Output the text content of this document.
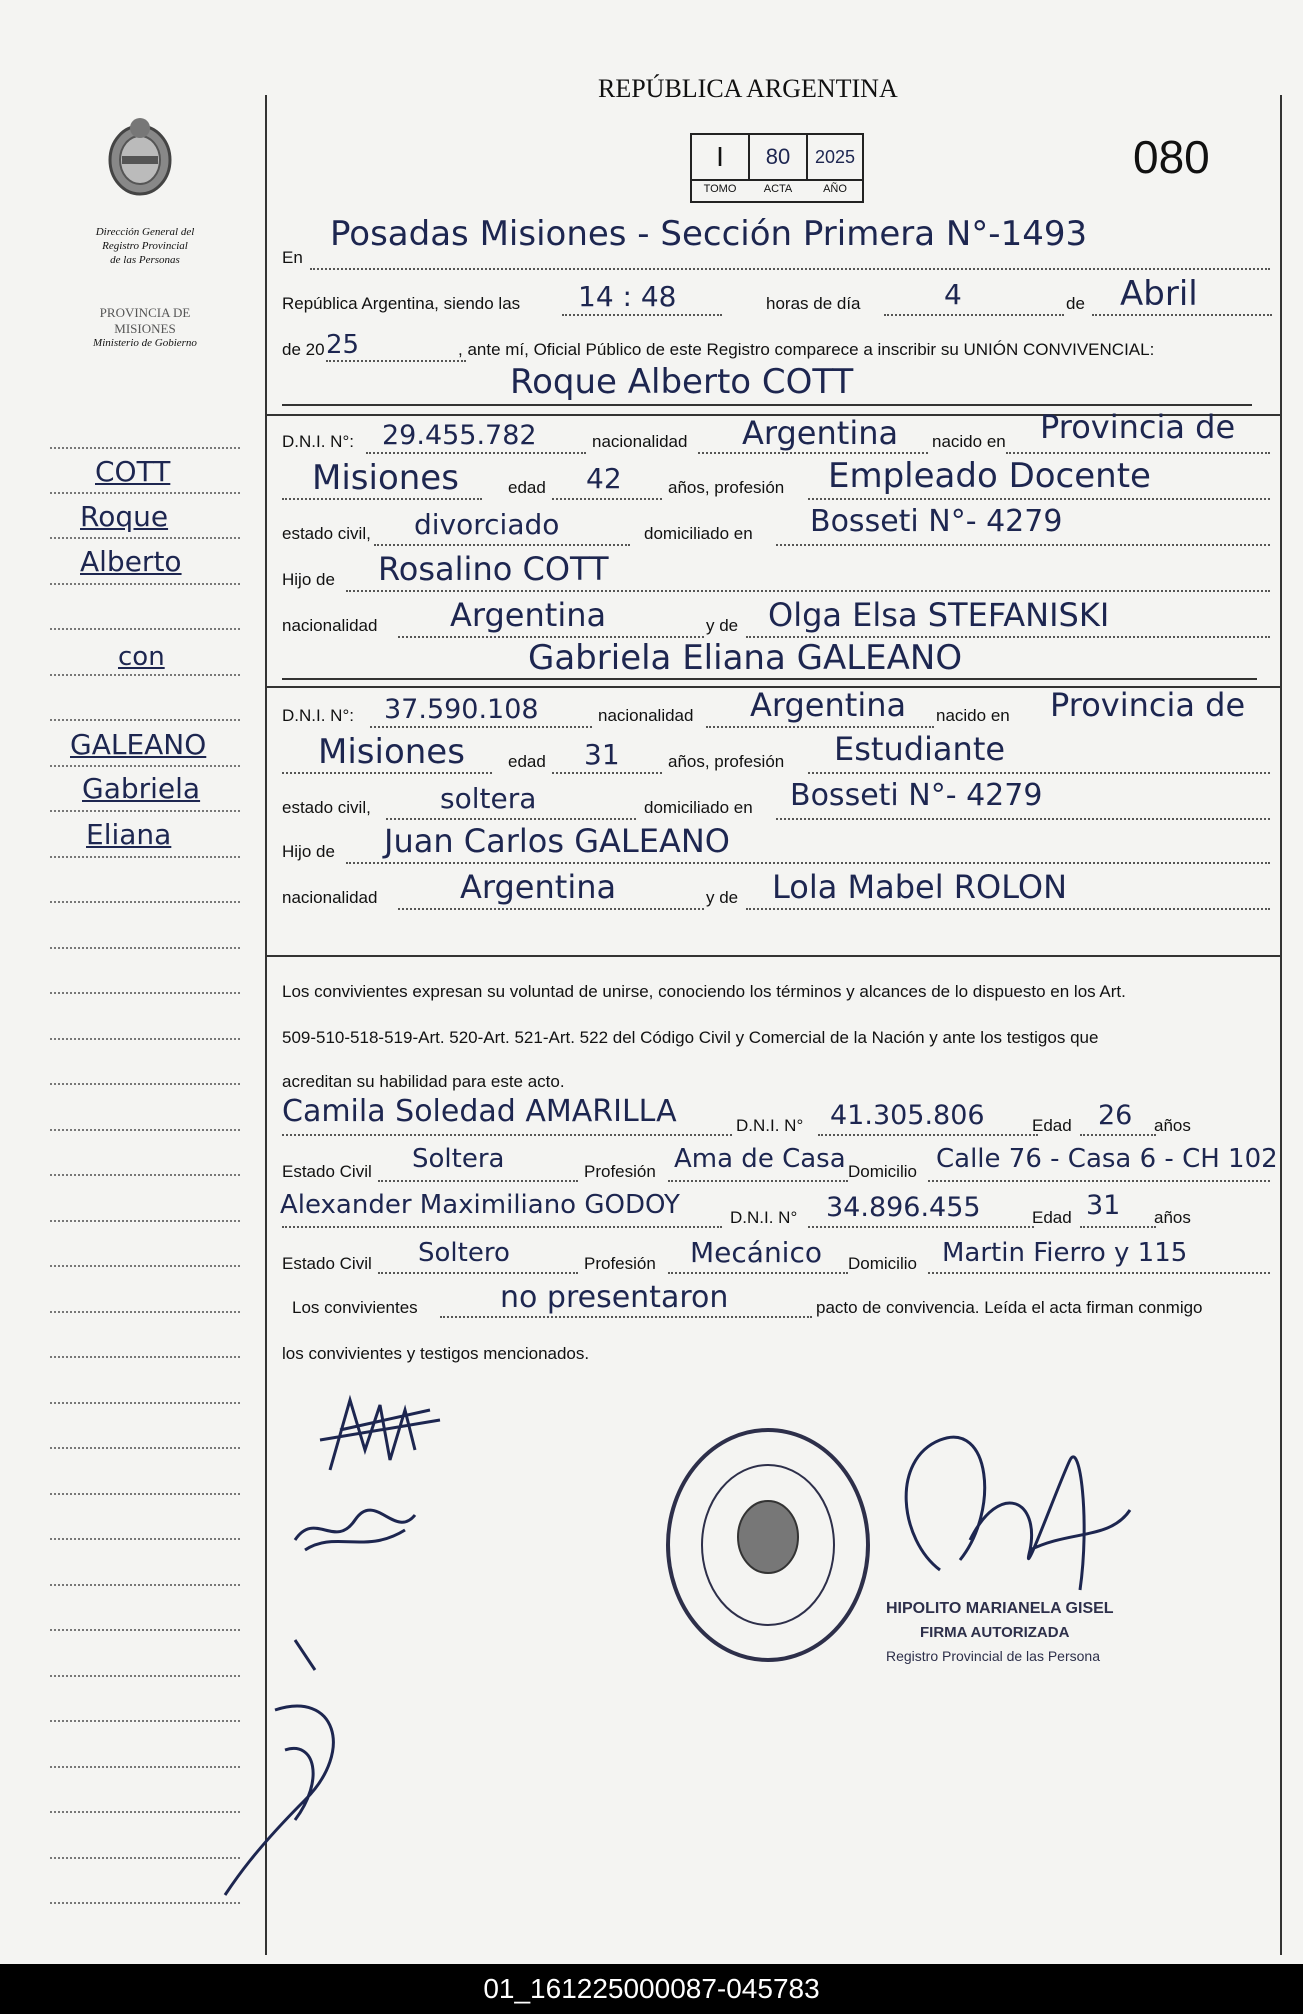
REPÚBLICA ARGENTINA
080
I	80	2025
TOMO	ACTA	AÑO
Dirección General del
Registro Provincial
de las Personas
PROVINCIA DE
MISIONES
Ministerio de Gobierno
COTT
Roque
Alberto
con
GALEANO
Gabriela
Eliana
En
Posadas Misiones - Sección Primera N°-1493
República Argentina, siendo las 14 : 48	horas de día	4	de Abril
de 20 25	, ante mí, Oficial Público de este Registro comparece a inscribir su UNIÓN CONVIVENCIAL:
Roque Alberto COTT
D.N.I. N°: 29.455.782	nacionalidad Argentina nacido en Provincia de
Misiones	edad 42	años, profesión Empleado Docente
estado civil, divorciado	domiciliado en Bosseti N°- 4279
Hijo de Rosalino COTT
nacionalidad Argentina	y de Olga Elsa STEFANISKI
Gabriela Eliana GALEANO
D.N.I. N°: 37.590.108	nacionalidad Argentina nacido en Provincia de
Misiones	edad 31	años, profesión Estudiante
estado civil, soltera	domiciliado en Bosseti N°- 4279
Hijo de Juan Carlos GALEANO
nacionalidad	Argentina	y de Lola Mabel ROLON
Los convivientes expresan su voluntad de unirse, conociendo los términos y alcances de lo dispuesto en los Art.
509-510-518-519-Art. 520-Art. 521-Art. 522 del Código Civil y Comercial de la Nación y ante los testigos que
acreditan su habilidad para este acto.
Camila Soledad AMARILLA	D.N.I. N° 41.305.806	Edad 26 años
Estado Civil Soltera	Profesión Ama de Casa Domicilio Calle 76 - Casa 6 - CH 102
Alexander Maximiliano GODOY	D.N.I. N° 34.896.455	Edad 31 años
Estado Civil Soltero	Profesión Mecánico Domicilio Martin Fierro y 115
Los convivientes	no presentaron	pacto de convivencia. Leída el acta firman conmigo
los convivientes y testigos mencionados.
HIPOLITO MARIANELA GISEL
FIRMA AUTORIZADA
Registro Provincial de las Persona
01_161225000087-045783
